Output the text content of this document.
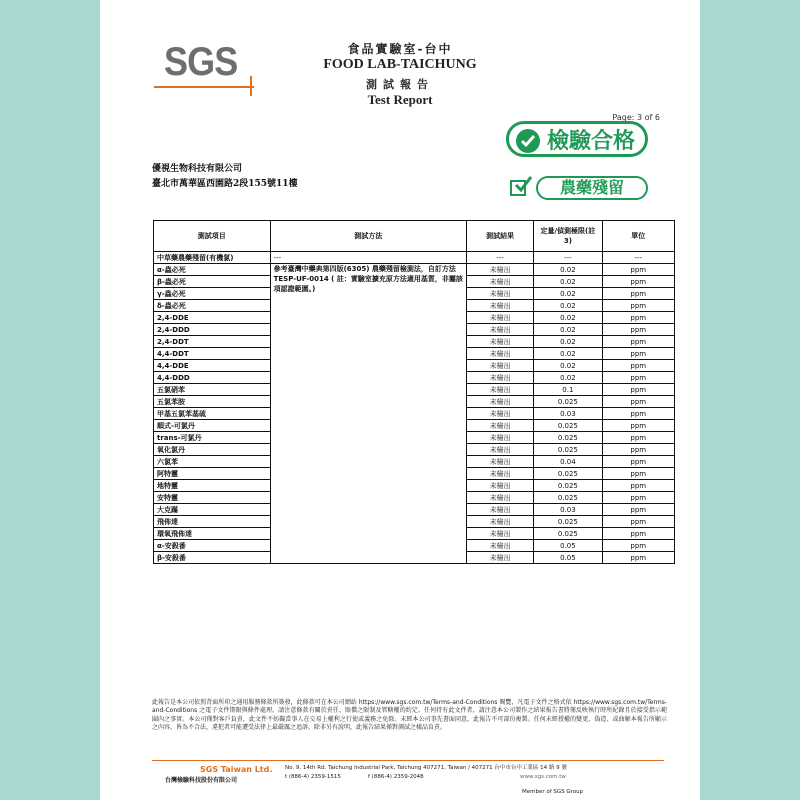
SGS	食品實驗室-台中
FOOD LAB-TAICHUNG
測試報告
Test Report
Page: 3 of 6
檢驗合格
農藥殘留
優視生物科技有限公司
臺北市萬華區西園路2段155號11樓
測試項目	測試方法	測試結果	定量/偵測極限(註3)	單位
中草藥農藥殘留(有機氯)	---	---	---	---
α-蟲必死	參考臺灣中藥典第四版(6305) 農藥殘留檢測法，自訂方法TESP-UF-0014 ( 註：實驗室擴充原方法適用基質，非屬該項認證範圍。)	未檢出	0.02	ppm
β-蟲必死		未檢出	0.02	ppm
γ-蟲必死		未檢出	0.02	ppm
δ-蟲必死		未檢出	0.02	ppm
2,4-DDE		未檢出	0.02	ppm
2,4-DDD		未檢出	0.02	ppm
2,4-DDT		未檢出	0.02	ppm
4,4-DDT		未檢出	0.02	ppm
4,4-DDE		未檢出	0.02	ppm
4,4-DDD		未檢出	0.02	ppm
五氯硝苯		未檢出	0.1	ppm
五氯苯胺		未檢出	0.025	ppm
甲基五氯苯基硫		未檢出	0.03	ppm
順式-可氯丹		未檢出	0.025	ppm
trans-可氯丹		未檢出	0.025	ppm
氧化氯丹		未檢出	0.025	ppm
六氯苯		未檢出	0.04	ppm
阿特靈		未檢出	0.025	ppm
地特靈		未檢出	0.025	ppm
安特靈		未檢出	0.025	ppm
大克蹣		未檢出	0.03	ppm
飛佈達		未檢出	0.025	ppm
環氧飛佈達		未檢出	0.025	ppm
α-安殺番		未檢出	0.05	ppm
β-安殺番		未檢出	0.05	ppm
此報告是本公司依照背面所印之通用服務條款所簽發，此條款可在本公司網站 https://www.sgs.com.tw/Terms-and-Conditions 閱覽，凡電子文件之格式依 https://www.sgs.com.tw/Terms-and-Conditions 之電子文件期限與條件處理。請注意條款有關於責任、賠償之限制及管轄權的約定。任何持有此文件者，請注意本公司製作之結果報告書將僅反映執行時所紀錄且於接受指示範圍內之事實。本公司僅對客戶負責，此文件不妨礙當事人在交易上權利之行使或義務之免除。未經本公司事先書面同意，此報告不可部份複製。任何未經授權的變更、偽造、或曲解本報告所顯示之內容，皆為不合法，違犯者可能遭受法律上最嚴厲之追訴。除非另有說明，此報告結果僅對測試之樣品負責。
SGS Taiwan Ltd.
台灣檢驗科技股份有限公司
No. 9, 14th Rd. Taichung Industrial Park, Taichung 407271, Taiwan / 407271 台中市台中工業區 14 路 9 號
t (886-4) 2359-1515	f (886-4) 2359-2048	www.sgs.com.tw
Member of SGS Group
